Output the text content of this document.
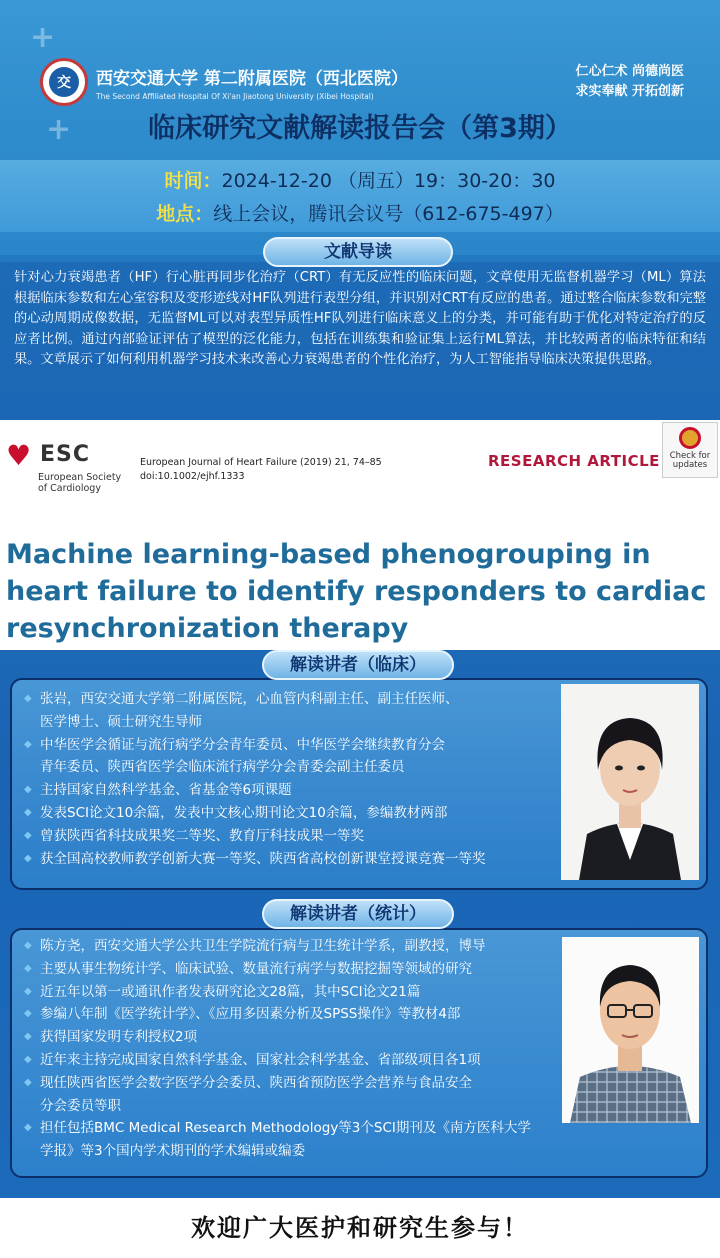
+
+
交	西安交通大学 第二附属医院（西北医院）
The Second Affiliated Hospital Of Xi'an Jiaotong University (Xibei Hospital)
仁心仁术 尚德尚医
求实奉献 开拓创新
临床研究文献解读报告会（第3期）
时间：2024-12-20 （周五）19：30-20：30
地点：线上会议，腾讯会议号（612-675-497）
针对心力衰竭患者（HF）行心脏再同步化治疗（CRT）有无反应性的临床问题，文章使用无监督机器学习（ML）算法根据临床参数和左心室容积及变形迹线对HF队列进行表型分组，并识别对CRT有反应的患者。通过整合临床参数和完整的心动周期成像数据，无监督ML可以对表型异质性HF队列进行临床意义上的分类，并可能有助于优化对特定治疗的反应者比例。通过内部验证评估了模型的泛化能力，包括在训练集和验证集上运行ML算法，并比较两者的临床特征和结果。文章展示了如何利用机器学习技术来改善心力衰竭患者的个性化治疗，为人工智能指导临床决策提供思路。
文献导读
♥ ESC
European Society
of Cardiology
European Journal of Heart Failure (2019) 21, 74–85
doi:10.1002/ejhf.1333
RESEARCH ARTICLE	Check for
updates
Machine learning-based phenogrouping in
heart failure to identify responders to cardiac
resynchronization therapy
解读讲者（临床）
◆ 张岩，西安交通大学第二附属医院，心血管内科副主任、副主任医师、
医学博士、硕士研究生导师
◆ 中华医学会循证与流行病学分会青年委员、中华医学会继续教育分会
青年委员、陕西省医学会临床流行病学分会青委会副主任委员
◆ 主持国家自然科学基金、省基金等6项课题
◆ 发表SCI论文10余篇，发表中文核心期刊论文10余篇，参编教材两部
◆ 曾获陕西省科技成果奖二等奖、教育厅科技成果一等奖
◆ 获全国高校教师教学创新大赛一等奖、陕西省高校创新课堂授课竞赛一等奖
解读讲者（统计）
◆ 陈方尧，西安交通大学公共卫生学院流行病与卫生统计学系，副教授，博导
◆ 主要从事生物统计学、临床试验、数量流行病学与数据挖掘等领域的研究
◆ 近五年以第一或通讯作者发表研究论文28篇，其中SCI论文21篇
◆ 参编八年制《医学统计学》、《应用多因素分析及SPSS操作》等教材4部
◆ 获得国家发明专利授权2项
◆ 近年来主持完成国家自然科学基金、国家社会科学基金、省部级项目各1项
◆ 现任陕西省医学会数字医学分会委员、陕西省预防医学会营养与食品安全
分会委员等职
◆ 担任包括BMC Medical Research Methodology等3个SCI期刊及《南方医科大学
学报》等3个国内学术期刊的学术编辑或编委
欢迎广大医护和研究生参与！
